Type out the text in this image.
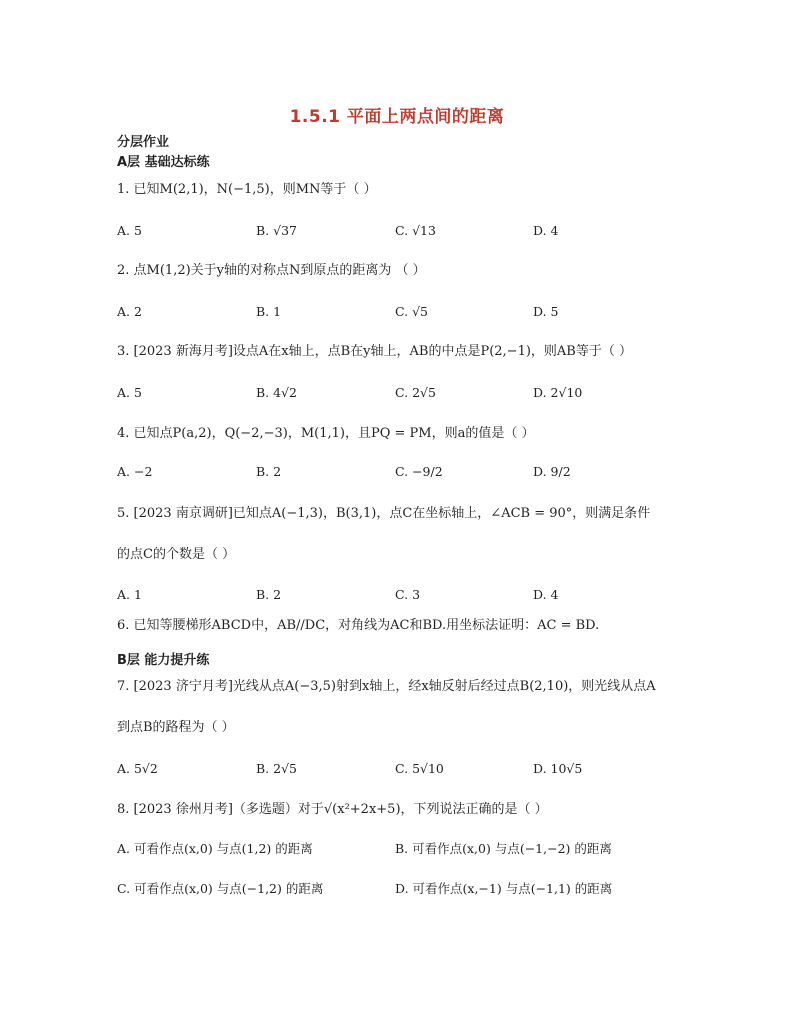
1.5.1 平面上两点间的距离
分层作业
A层 基础达标练
1. 已知M(2,1)，N(−1,5)，则MN等于（ ）
A. 5	B. √37	C. √13	D. 4
2. 点M(1,2)关于y轴的对称点N到原点的距离为 （ ）
A. 2	B. 1	C. √5	D. 5
3. [2023 新海月考]设点A在x轴上，点B在y轴上，AB的中点是P(2,−1)，则AB等于（ ）
A. 5	B. 4√2	C. 2√5	D. 2√10
4. 已知点P(a,2)，Q(−2,−3)，M(1,1)，且PQ = PM，则a的值是（ ）
A. −2	B. 2	C. −9/2	D. 9/2
5. [2023 南京调研]已知点A(−1,3)，B(3,1)，点C在坐标轴上，∠ACB = 90°，则满足条件
的点C的个数是（ ）
A. 1	B. 2	C. 3	D. 4
6. 已知等腰梯形ABCD中，AB//DC，对角线为AC和BD.用坐标法证明：AC = BD.
B层 能力提升练
7. [2023 济宁月考]光线从点A(−3,5)射到x轴上，经x轴反射后经过点B(2,10)，则光线从点A
到点B的路程为（ ）
A. 5√2	B. 2√5	C. 5√10	D. 10√5
8. [2023 徐州月考]（多选题）对于√(x²+2x+5)，下列说法正确的是（ ）
A. 可看作点(x,0) 与点(1,2) 的距离	B. 可看作点(x,0) 与点(−1,−2) 的距离
C. 可看作点(x,0) 与点(−1,2) 的距离	D. 可看作点(x,−1) 与点(−1,1) 的距离
